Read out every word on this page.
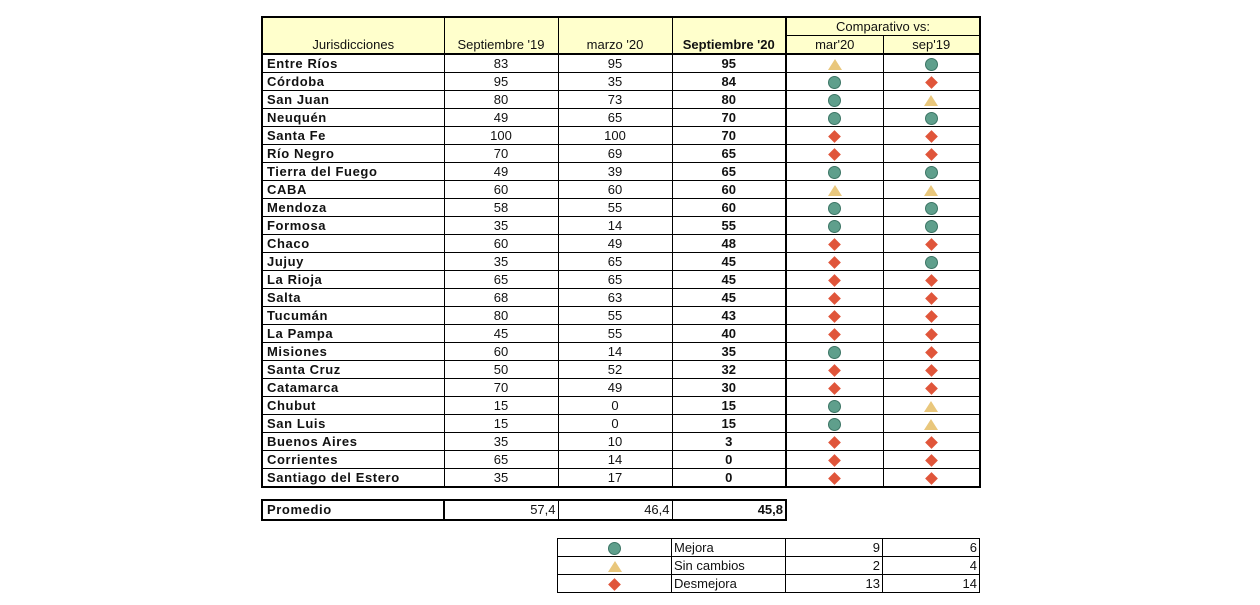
				Comparativo vs:	
Jurisdicciones	Septiembre '19	marzo '20	Septiembre '20	mar'20	sep'19
Entre Ríos	83	95	95		
Córdoba	95	35	84		
San Juan	80	73	80		
Neuquén	49	65	70		
Santa Fe	100	100	70		
Río Negro	70	69	65		
Tierra del Fuego	49	39	65		
CABA	60	60	60		
Mendoza	58	55	60		
Formosa	35	14	55		
Chaco	60	49	48		
Jujuy	35	65	45		
La Rioja	65	65	45		
Salta	68	63	45		
Tucumán	80	55	43		
La Pampa	45	55	40		
Misiones	60	14	35		
Santa Cruz	50	52	32		
Catamarca	70	49	30		
Chubut	15	0	15		
San Luis	15	0	15		
Buenos Aires	35	10	3		
Corrientes	65	14	0		
Santiago del Estero	35	17	0		
Promedio	57,4	46,4	45,8
	Mejora	9	6
	Sin cambios	2	4
	Desmejora	13	14
